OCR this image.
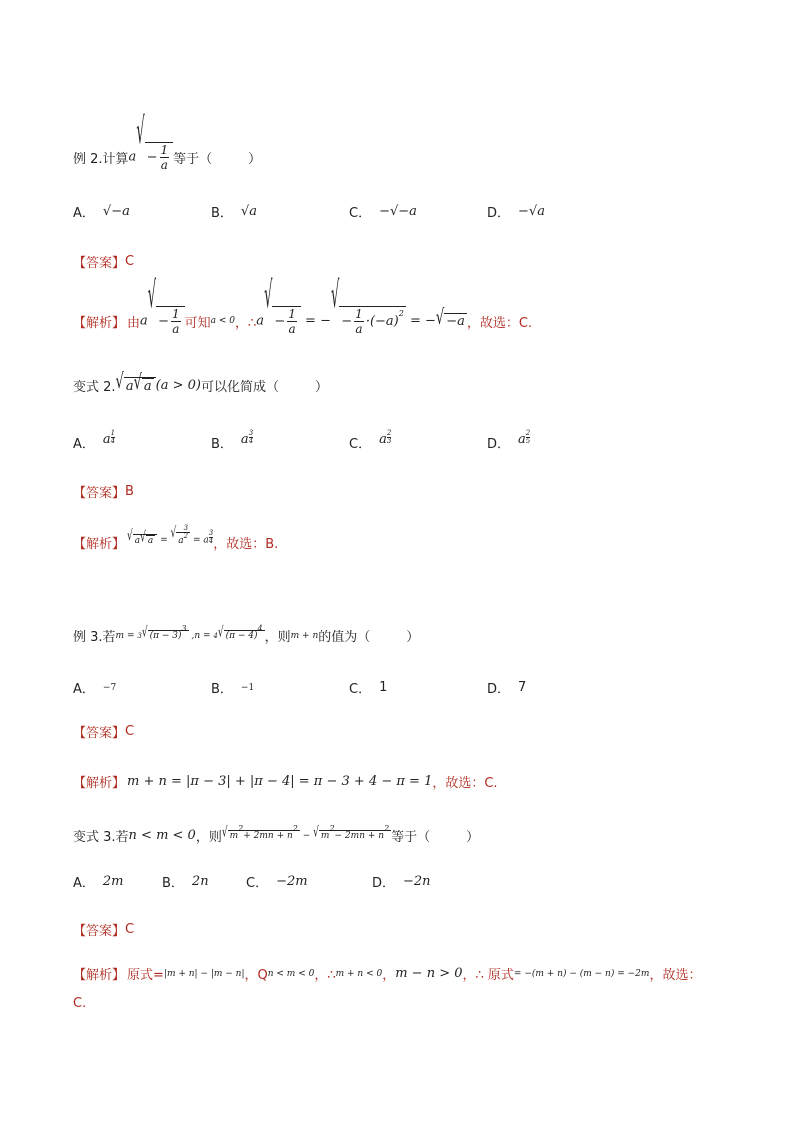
例 2.计算 a
√
− $\frac{1}{a}$ 等于（	）
A． √−a	B． √a	C． −√−a	D． −√a
【答案】 C
【解析】 由 a
√
− $\frac{1}{a}$ 可知 a < 0 ，∴ a
√
− $\frac{1}{a}$ = −
√
− $\frac{1}{a} \cdot(-a)$
2 = − √ −a ，故选：C.
变式 2. √ a √ a (a > 0) 可以化简成（	）
A． a $\frac{1}{4}$	B． a $\frac{3}{4}$	C． a $\frac{2}{3}$	D． a $\frac{2}{5}$
【答案】 B
【解析】 √ a √ a = √ a
3
2 = a $\frac{3}{4}$ ，故选：B.
例 3.若 m = 3 √ (π − 3)
3
,n = 4 √ (π − 4)
4
，则 m + n 的值为（	）
A． −7	B． −1	C． 1	D． 7
【答案】 C
【解析】 m + n = |π − 3| + |π − 4| = π − 3 + 4 − π = 1 ，故选：C.
变式 3.若 n < m < 0 ，则 √ m
2
+ 2mn + n
2
− √ m
2
− 2mn + n
2
等于（	）
A． 2m	B． 2n	C． −2m	D． −2n
【答案】 C
【解析】 原式= |m + n| − |m − n| ，Q n < m < 0 ，∴ m + n < 0 ， m − n > 0 ，∴ 原式 = −(m + n) − (m − n) = −2m ，故选：
C.
